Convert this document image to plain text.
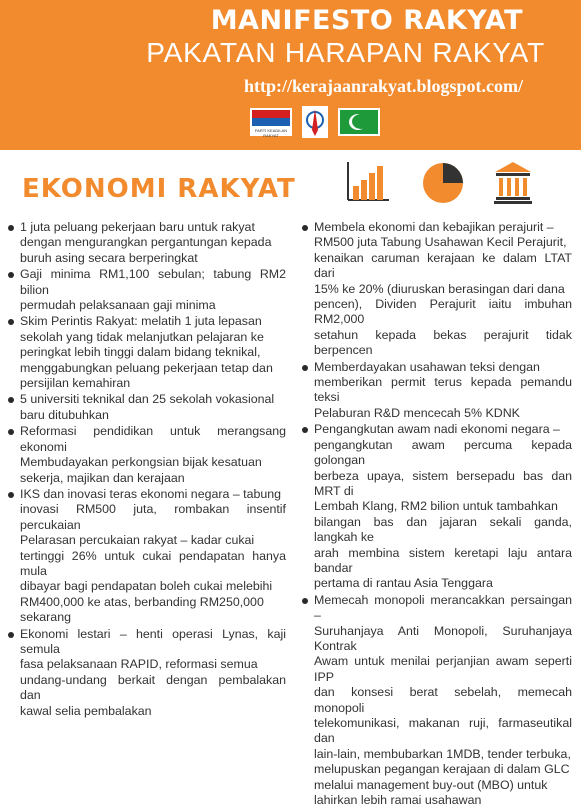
MANIFESTO RAKYAT
PAKATAN HARAPAN RAKYAT
http://kerajaanrakyat.blogspot.com/
PARTI KEADILAN RAKYAT
EKONOMI RAKYAT
1 juta peluang pekerjaan baru untuk rakyat
dengan mengurangkan pergantungan kepada
buruh asing secara berperingkat
Gaji minima RM1,100 sebulan; tabung RM2 bilion
permudah pelaksanaan gaji minima
Skim Perintis Rakyat: melatih 1 juta lepasan
sekolah yang tidak melanjutkan pelajaran ke
peringkat lebih tinggi dalam bidang teknikal,
menggabungkan peluang pekerjaan tetap dan
persijilan kemahiran
5 universiti teknikal dan 25 sekolah vokasional
baru ditubuhkan
Reformasi pendidikan untuk merangsang ekonomi
Membudayakan perkongsian bijak kesatuan
sekerja, majikan dan kerajaan
IKS dan inovasi teras ekonomi negara – tabung
inovasi RM500 juta, rombakan insentif percukaian
Pelarasan percukaian rakyat – kadar cukai
tertinggi 26% untuk cukai pendapatan hanya mula
dibayar bagi pendapatan boleh cukai melebihi
RM400,000 ke atas, berbanding RM250,000
sekarang
Ekonomi lestari – henti operasi Lynas, kaji semula
fasa pelaksanaan RAPID, reformasi semua
undang-undang berkait dengan pembalakan dan
kawal selia pembalakan
Membela ekonomi dan kebajikan perajurit –
RM500 juta Tabung Usahawan Kecil Perajurit,
kenaikan caruman kerajaan ke dalam LTAT dari
15% ke 20% (diuruskan berasingan dari dana
pencen), Dividen Perajurit iaitu imbuhan RM2,000
setahun kepada bekas perajurit tidak berpencen
Memberdayakan usahawan teksi dengan
memberikan permit terus kepada pemandu teksi
Pelaburan R&D mencecah 5% KDNK
Pengangkutan awam nadi ekonomi negara –
pengangkutan awam percuma kepada golongan
berbeza upaya, sistem bersepadu bas dan MRT di
Lembah Klang, RM2 bilion untuk tambahkan
bilangan bas dan jajaran sekali ganda, langkah ke
arah membina sistem keretapi laju antara bandar
pertama di rantau Asia Tenggara
Memecah monopoli merancakkan persaingan –
Suruhanjaya Anti Monopoli, Suruhanjaya Kontrak
Awam untuk menilai perjanjian awam seperti IPP
dan konsesi berat sebelah, memecah monopoli
telekomunikasi, makanan ruji, farmaseutikal dan
lain-lain, membubarkan 1MDB, tender terbuka,
melupuskan pegangan kerajaan di dalam GLC
melalui management buy-out (MBO) untuk
lahirkan lebih ramai usahawan
